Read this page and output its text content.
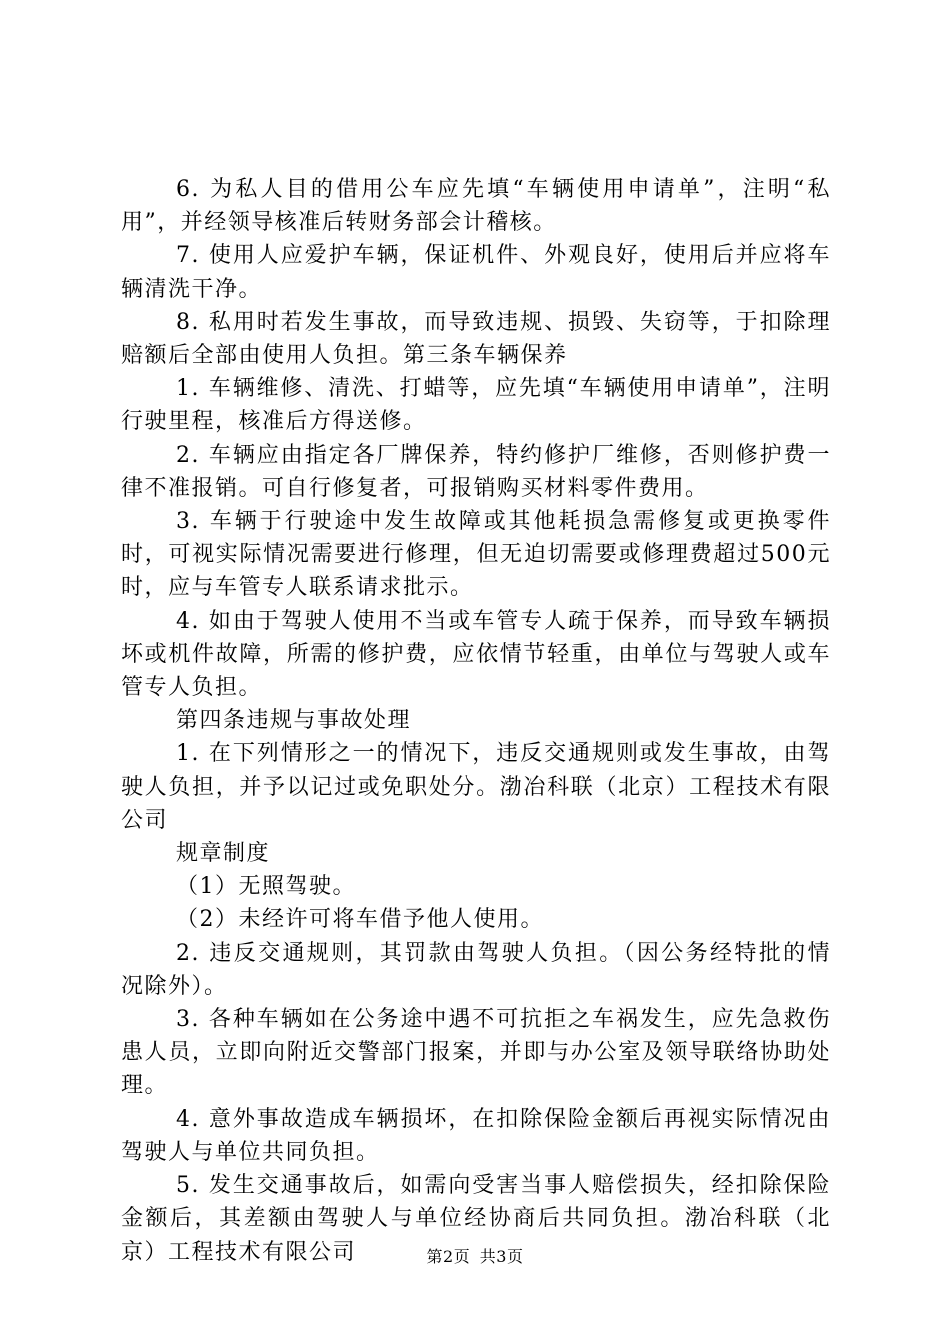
6. 为私人目的借用公车应先填“车辆使用申请单”，注明“私用”，并经领导核准后转财务部会计稽核。

7. 使用人应爱护车辆，保证机件、外观良好，使用后并应将车辆清洗干净。

8. 私用时若发生事故，而导致违规、损毁、失窃等，于扣除理赔额后全部由使用人负担。第三条车辆保养

1. 车辆维修、清洗、打蜡等，应先填“车辆使用申请单”，注明行驶里程，核准后方得送修。

2. 车辆应由指定各厂牌保养，特约修护厂维修，否则修护费一律不准报销。可自行修复者，可报销购买材料零件费用。

3. 车辆于行驶途中发生故障或其他耗损急需修复或更换零件时，可视实际情况需要进行修理，但无迫切需要或修理费超过500元时，应与车管专人联系请求批示。

4. 如由于驾驶人使用不当或车管专人疏于保养，而导致车辆损坏或机件故障，所需的修护费，应依情节轻重，由单位与驾驶人或车管专人负担。

第四条违规与事故处理

1. 在下列情形之一的情况下，违反交通规则或发生事故，由驾驶人负担，并予以记过或免职处分。渤冶科联（北京）工程技术有限公司

规章制度

（1）无照驾驶。

（2）未经许可将车借予他人使用。

2. 违反交通规则，其罚款由驾驶人负担。（因公务经特批的情况除外）。

3. 各种车辆如在公务途中遇不可抗拒之车祸发生，应先急救伤患人员，立即向附近交警部门报案，并即与办公室及领导联络协助处理。

4. 意外事故造成车辆损坏，在扣除保险金额后再视实际情况由驾驶人与单位共同负担。

5. 发生交通事故后，如需向受害当事人赔偿损失，经扣除保险金额后，其差额由驾驶人与单位经协商后共同负担。渤冶科联（北京）工程技术有限公司	第2页 共3页
